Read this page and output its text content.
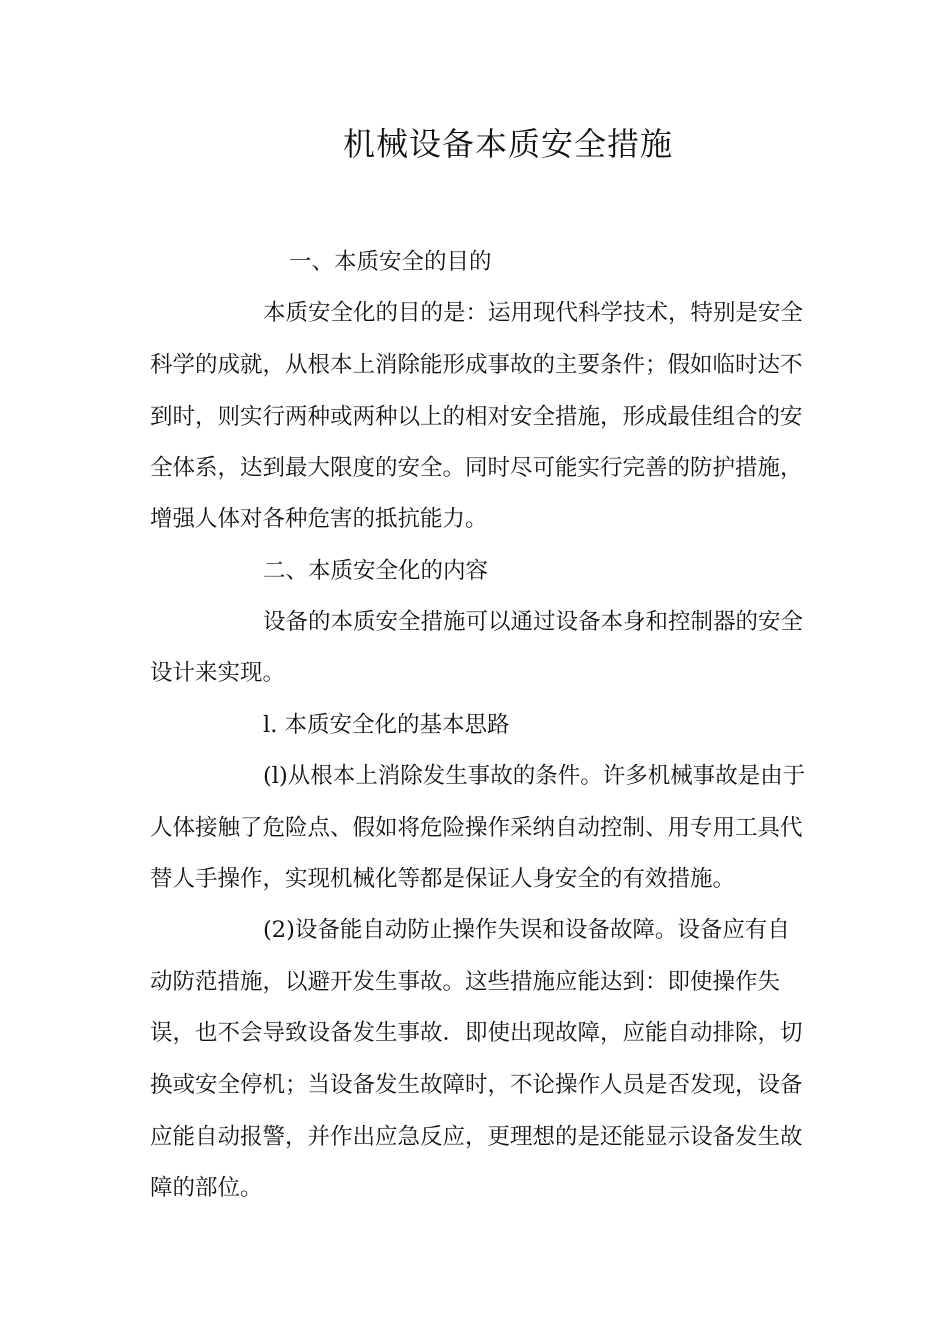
机械设备本质安全措施
一、本质安全的目的
本质安全化的目的是：运用现代科学技术，特别是安全
科学的成就，从根本上消除能形成事故的主要条件；假如临时达不
到时，则实行两种或两种以上的相对安全措施，形成最佳组合的安
全体系，达到最大限度的安全。同时尽可能实行完善的防护措施，
增强人体对各种危害的抵抗能力。
二、本质安全化的内容
设备的本质安全措施可以通过设备本身和控制器的安全
设计来实现。
l. 本质安全化的基本思路
(l)从根本上消除发生事故的条件。许多机械事故是由于
人体接触了危险点、假如将危险操作采纳自动控制、用专用工具代
替人手操作，实现机械化等都是保证人身安全的有效措施。
(2)设备能自动防止操作失误和设备故障。设备应有自
动防范措施，以避开发生事故。这些措施应能达到：即使操作失
误，也不会导致设备发生事故．即使出现故障，应能自动排除，切
换或安全停机；当设备发生故障时，不论操作人员是否发现，设备
应能自动报警，并作出应急反应，更理想的是还能显示设备发生故
障的部位。
